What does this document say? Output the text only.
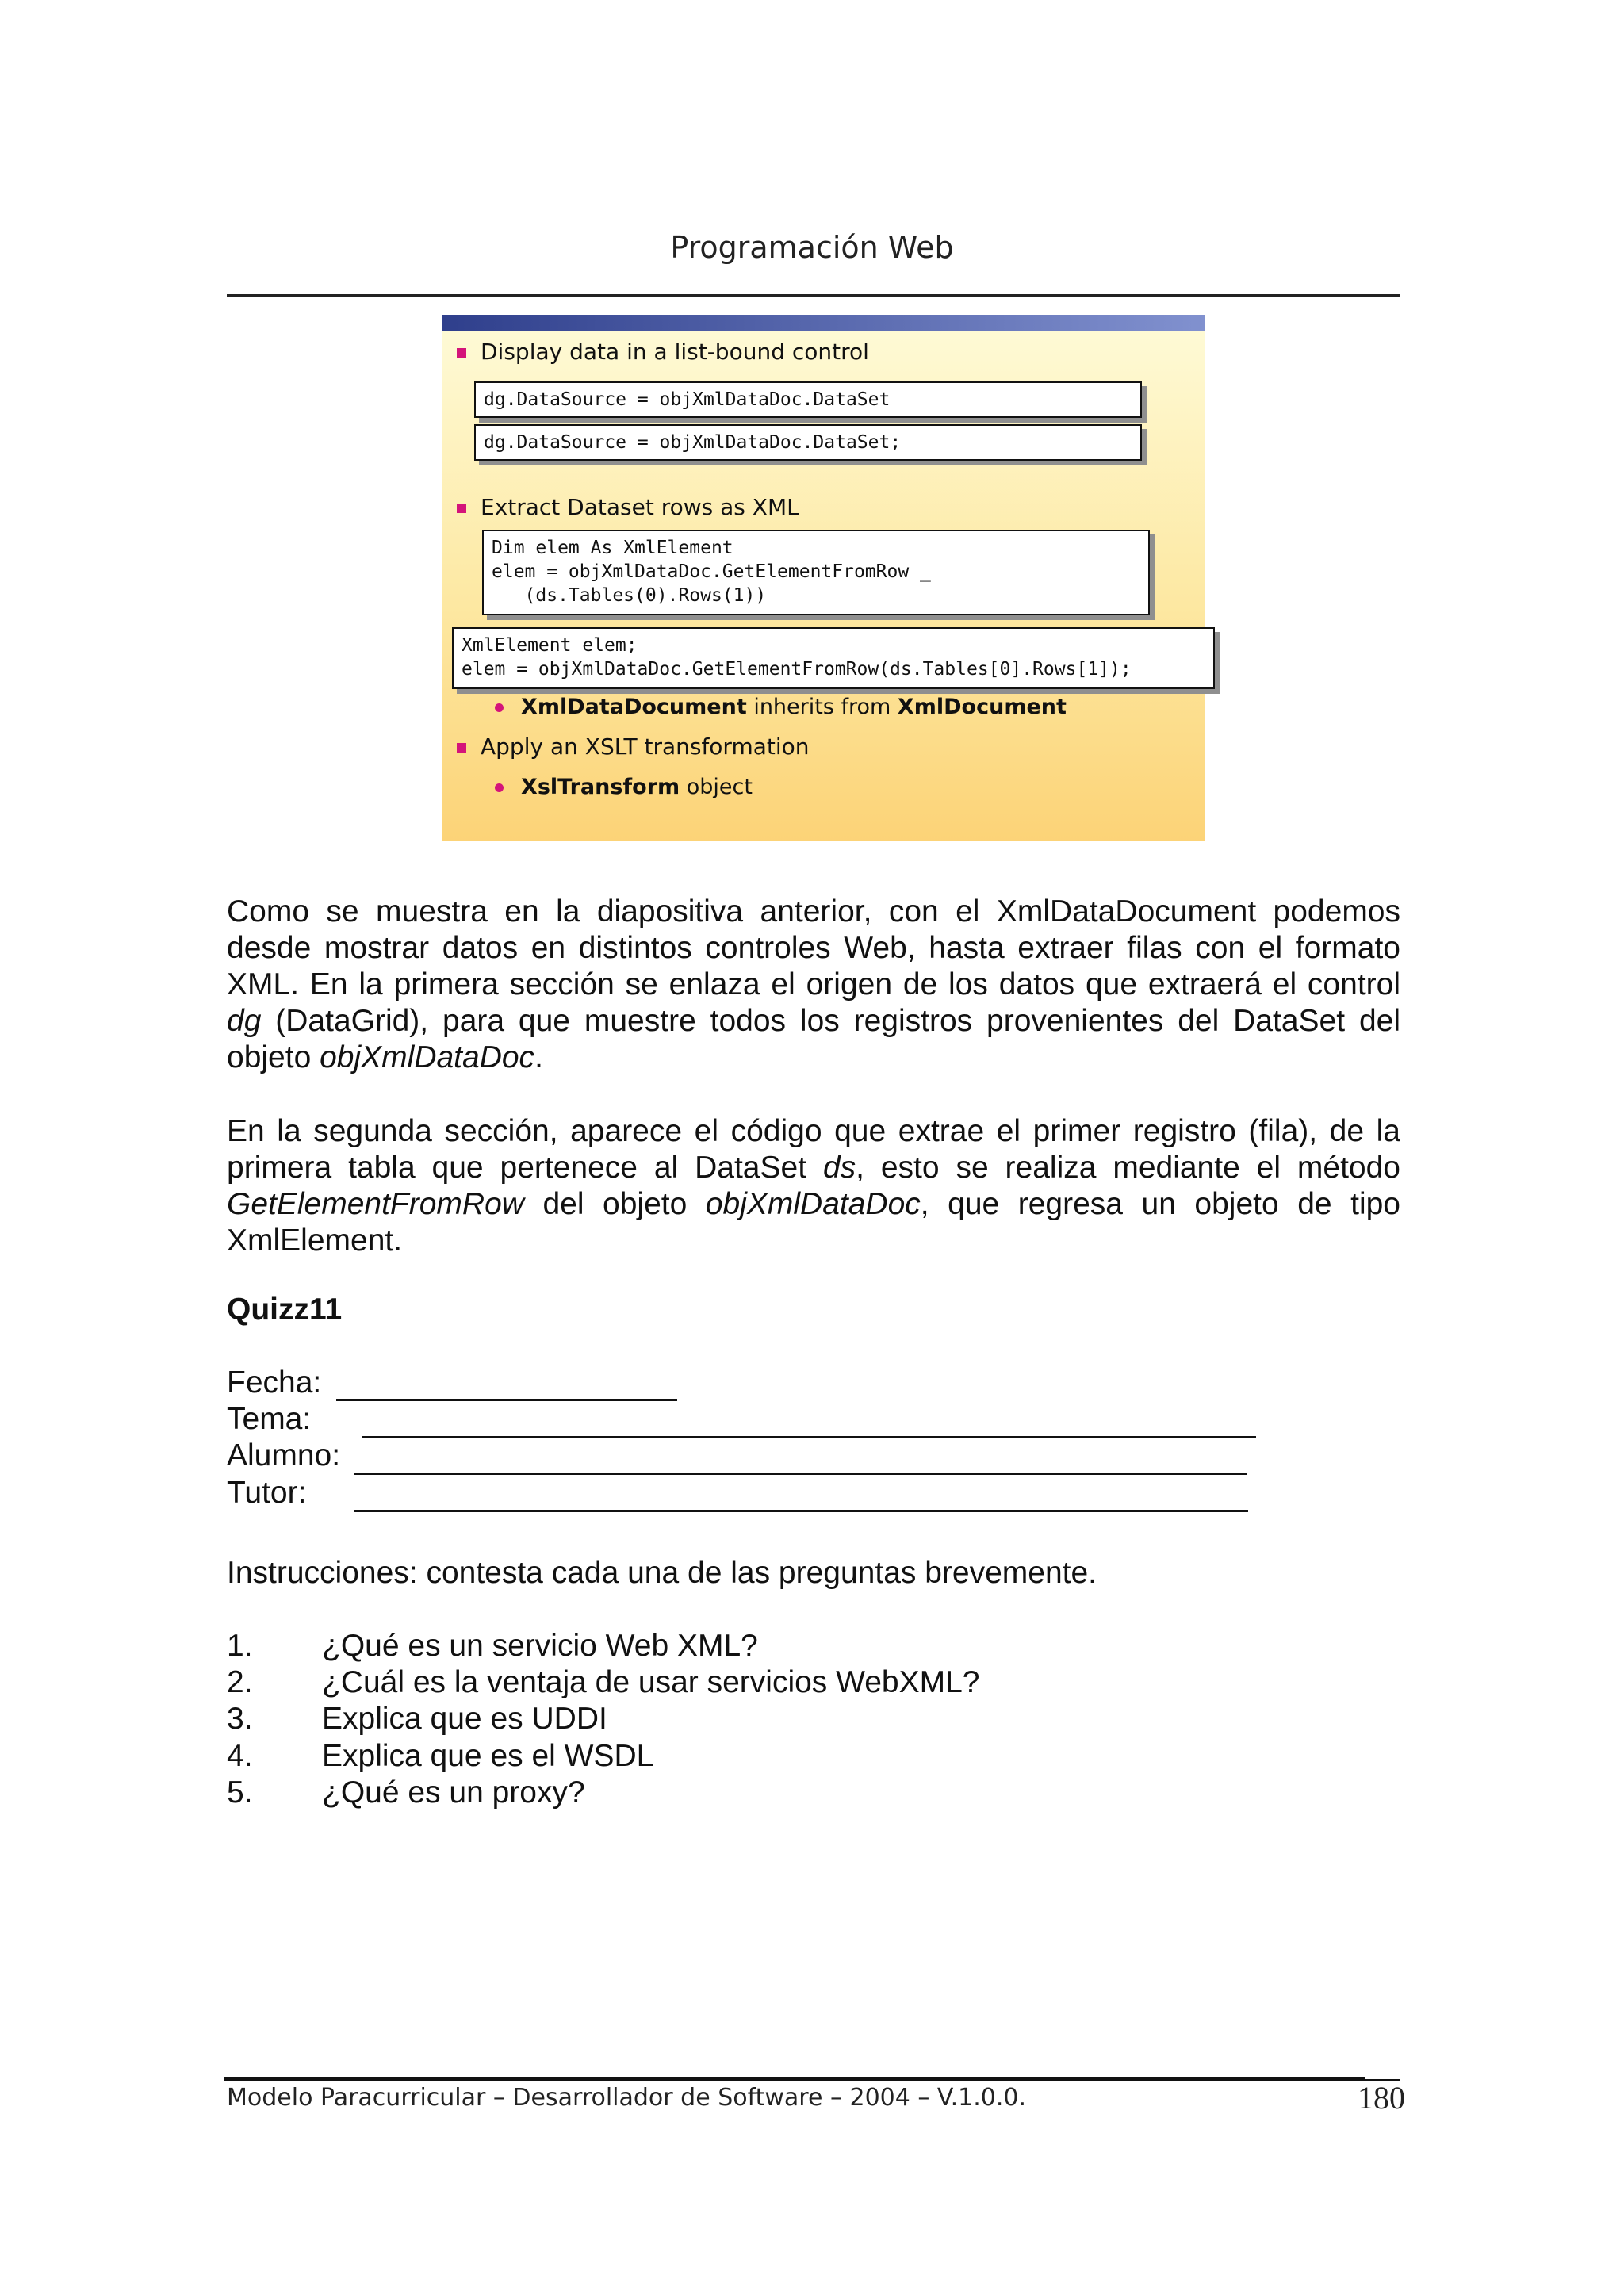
Programación Web
Display data in a list-bound control
dg.DataSource = objXmlDataDoc.DataSet
dg.DataSource = objXmlDataDoc.DataSet;
Extract Dataset rows as XML
Dim elem As XmlElement
elem = objXmlDataDoc.GetElementFromRow _
(ds.Tables(0).Rows(1))
XmlElement elem;
elem = objXmlDataDoc.GetElementFromRow(ds.Tables[0].Rows[1]);
XmlDataDocument inherits from XmlDocument
Apply an XSLT transformation
XslTransform object
Como se muestra en la diapositiva anterior, con el XmlDataDocument podemos desde mostrar datos en distintos controles Web, hasta extraer filas con el formato XML. En la primera sección se enlaza el origen de los datos que extraerá el control dg (DataGrid), para que muestre todos los registros provenientes del DataSet del objeto objXmlDataDoc.
En la segunda sección, aparece el código que extrae el primer registro (fila), de la primera tabla que pertenece al DataSet ds, esto se realiza mediante el método GetElementFromRow del objeto objXmlDataDoc, que regresa un objeto de tipo XmlElement.
Quizz11
Fecha:
Tema:
Alumno:
Tutor:
Instrucciones: contesta cada una de las preguntas brevemente.
1. ¿Qué es un servicio Web XML?
2. ¿Cuál es la ventaja de usar servicios WebXML?
3. Explica que es UDDI
4. Explica que es el WSDL
5. ¿Qué es un proxy?
Modelo Paracurricular – Desarrollador de Software – 2004 – V.1.0.0.	180
